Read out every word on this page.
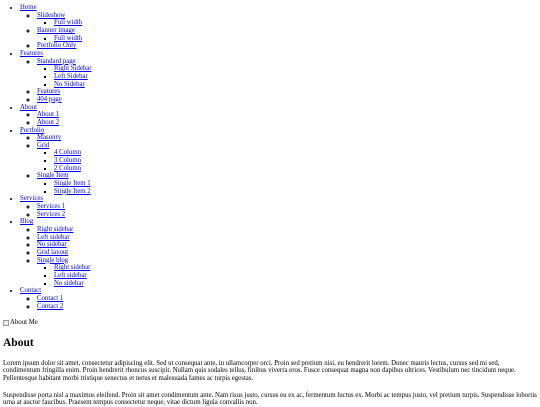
• Home
◦ Slideshow
▪ Full width
◦ Banner image
▪ Full width
◦ Portfolio Only
• Features
◦ Standard page
▪ Right Sidebar
▪ Left Sidebar
▪ No Sidebar
◦ Features
◦ 404 page
• About
◦ About 1
◦ About 2
• Portfolio
◦ Masonry
◦ Grid
▪ 4 Column
▪ 3 Column
▪ 2 Column
◦ Single Item
▪ Single Item 1
▪ Single Item 2
• Services
◦ Services 1
◦ Services 2
• Blog
◦ Right sidebar
◦ Left sidebar
◦ No sidebar
◦ Grid layout
◦ Single blog
▪ Right sidebar
▪ Left sidebar
▪ No sidebar
• Contact
◦ Contact 1
◦ Contact 2
About Me
About

Lorem ipsum dolor sit amet, consectetur adipiscing elit. Sed ut consequat ante, in ullamcorper orci. Proin sed pretium nisi, eu hendrerit lorem. Donec mauris lectus, cursus sed mi sed, condimentum fringilla enim. Proin hendrerit rhoncus suscipit. Nullam quis sodales tellus, finibus viverra eros. Fusce consequat magna non dapibus ultrices. Vestibulum nec tincidunt neque. Pellentesque habitant morbi tristique senectus et netus et malesuada fames ac turpis egestas.

Suspendisse porta nisl a maximus eleifend. Proin sit amet condimentum ante. Nam risus justo, cursus eu ex ac, fermentum luctus ex. Morbi ac tempus justo, vel pretium turpis. Suspendisse lobortis urna at auctor faucibus. Praesent tempus consectetur neque, vitae dictum ligula convallis non.
